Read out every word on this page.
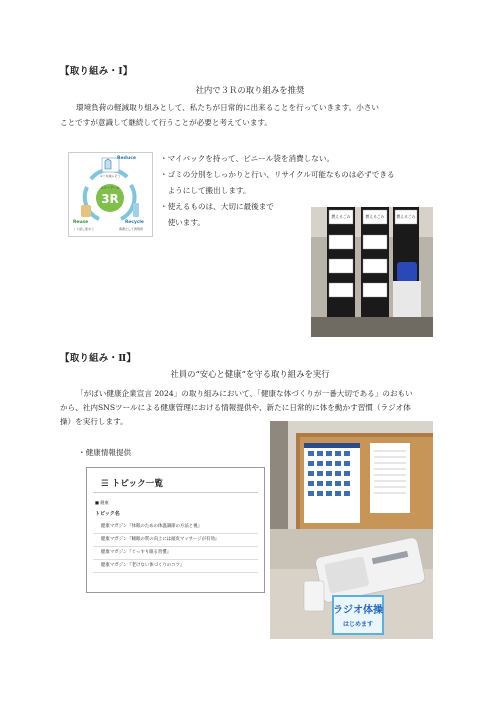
【取り組み・Ⅰ】
社内で３Ｒの取り組みを推奨
環境負荷の軽減取り組みとして、私たちが日常的に出来ることを行っていきます。小さい
ことですが意識して継続して行うことが必要と考えています。
3R
スリーアール
Reduce
ゴミを減らそう
Reuse
くり返し使おう
Recycle
資源として再利用
・マイバックを持って、ビニール袋を消費しない。
・ゴミの分別をしっかりと行い、リサイクル可能なものは必ずできる
　ようにして搬出します。
・使えるものは、大切に最後まで
　使います。
燃えるごみ	燃えるごみ	燃えるごみ
【取り組み・Ⅱ】
社員の“安心と健康”を守る取り組みを実行
「がばい健康企業宣言 2024」の取り組みにおいて、「健康な体づくりが一番大切である」のおもい
から、社内SNSツールによる健康管理における情報提供や、新たに日常的に体を動かす習慣（ラジオ体
操）を実行します。
・健康情報提供
☰ トピック一覧
■ 健康
トピック名
健康マガジン『休眠のための体温調節の方法と視』
健康マガジン『睡眠の質の向上には頭皮マッサージが有効』
健康マガジン『ぐっすり眠る習慣』
健康マガジン『老けない体づくりのコツ』
ラジオ体操
はじめます
